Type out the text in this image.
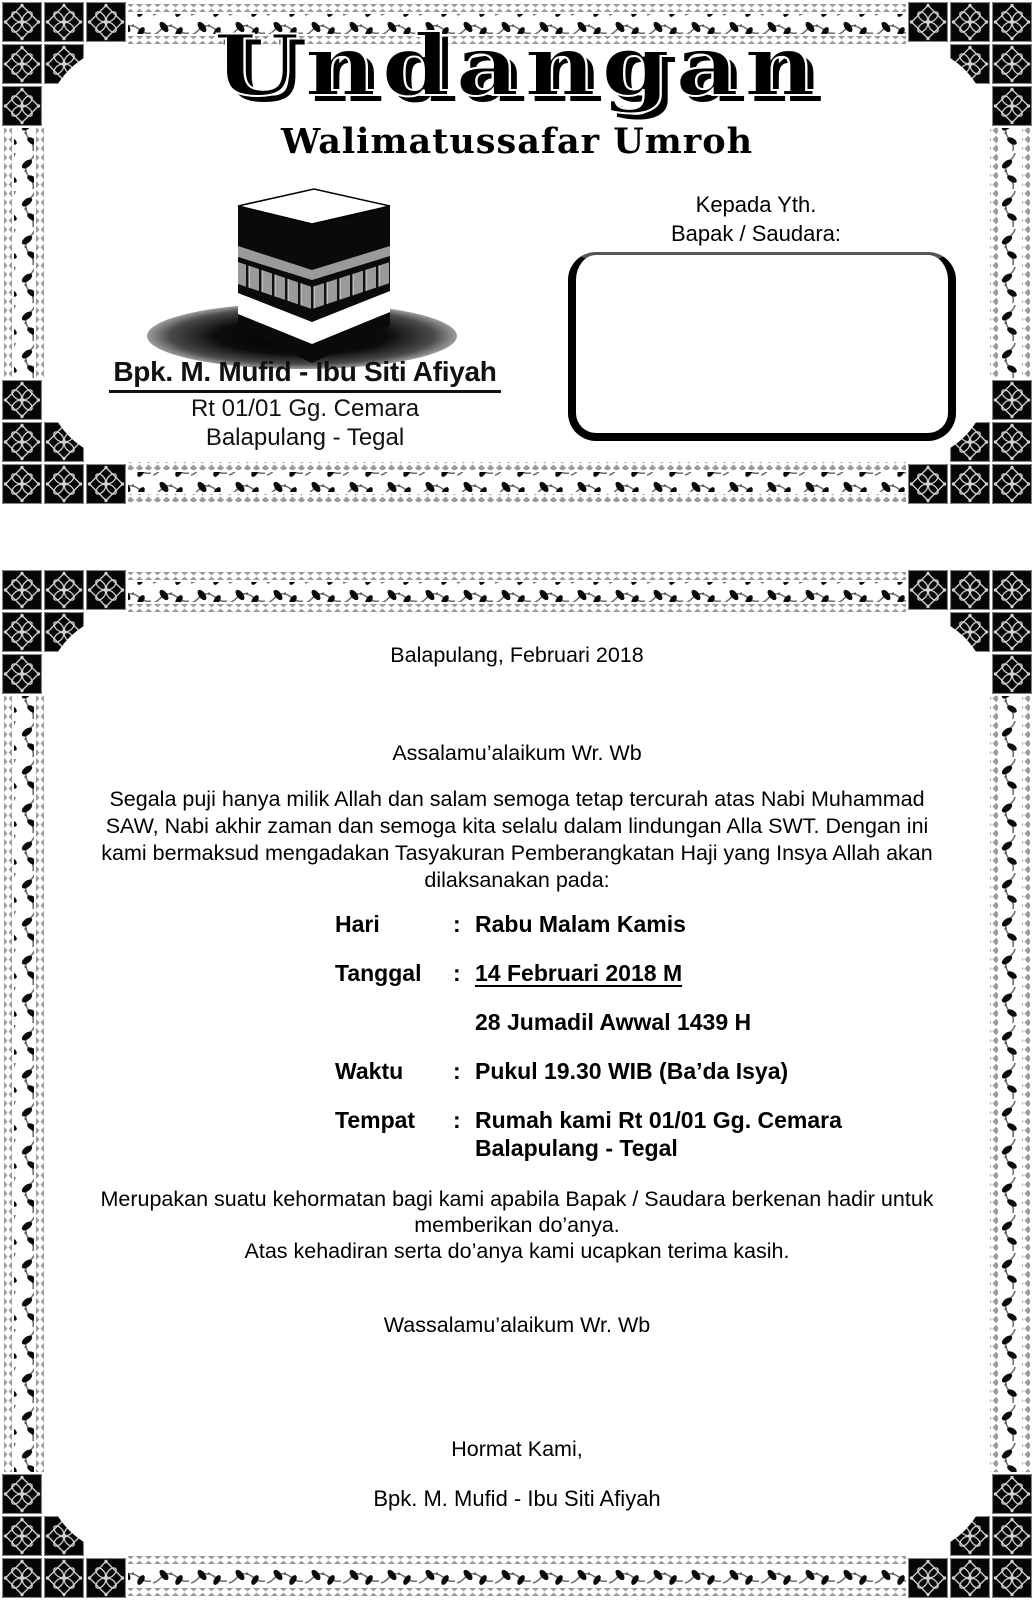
Undangan
Walimatussafar Umroh
Kepada Yth.
Bapak / Saudara:
Bpk. M. Mufid - Ibu Siti Afiyah
Rt 01/01 Gg. Cemara
Balapulang - Tegal
Balapulang, Februari 2018
Assalamu’alaikum Wr. Wb
Segala puji hanya milik Allah dan salam semoga tetap tercurah atas Nabi Muhammad
SAW, Nabi akhir zaman dan semoga kita selalu dalam lindungan Alla SWT. Dengan ini
kami bermaksud mengadakan Tasyakuran Pemberangkatan Haji yang Insya Allah akan
dilaksanakan pada:
Hari	: Rabu Malam Kamis
Tanggal	: 14 Februari 2018 M
28 Jumadil Awwal 1439 H
Waktu	: Pukul 19.30 WIB (Ba’da Isya)
Tempat	: Rumah kami Rt 01/01 Gg. Cemara
Balapulang - Tegal
Merupakan suatu kehormatan bagi kami apabila Bapak / Saudara berkenan hadir untuk
memberikan do’anya.
Atas kehadiran serta do’anya kami ucapkan terima kasih.
Wassalamu’alaikum Wr. Wb
Hormat Kami,
Bpk. M. Mufid - Ibu Siti Afiyah
